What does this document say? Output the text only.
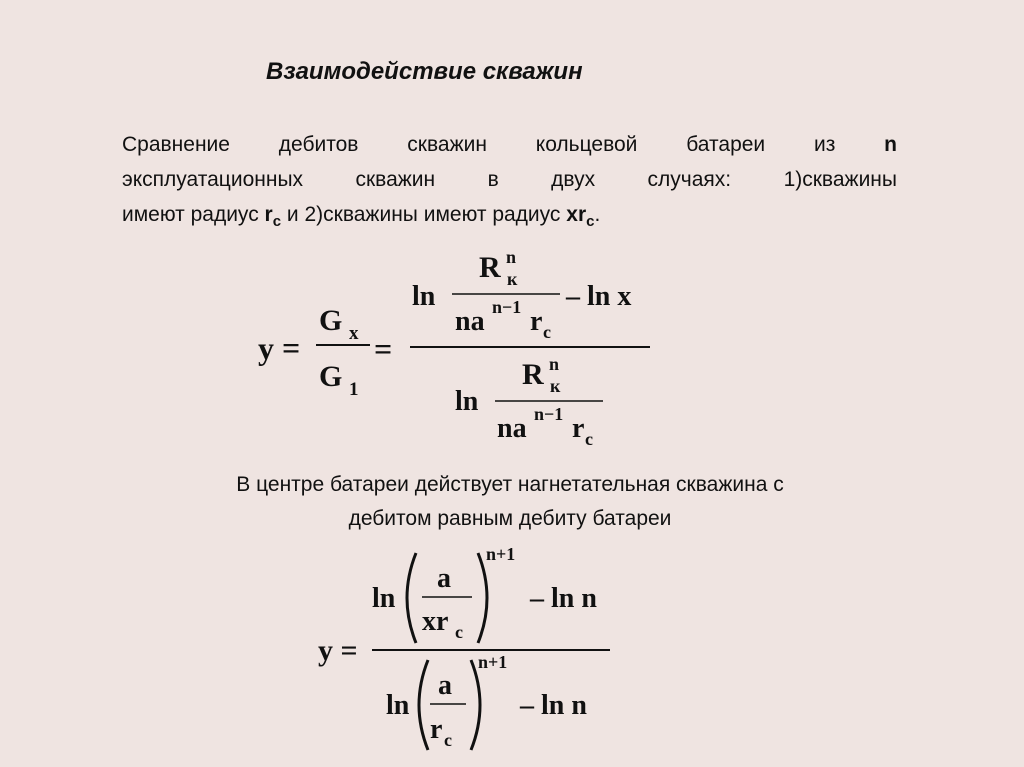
Взаимодействие скважин
Сравнение дебитов скважин кольцевой батареи из n
эксплуатационных скважин в двух случаях: 1)скважины
имеют радиус $r_c$ и 2)скважины имеют радиус $xr_c$.
y =
G x
G 1
=
ln
R n
к
na n−1 r c
– ln x
ln
R n
к
na n−1 r c
В центре батареи действует нагнетательная скважина с
дебитом равным дебиту батареи
y =
ln
a
xr c
n+1
– ln n
ln
a
r c
n+1
– ln n
